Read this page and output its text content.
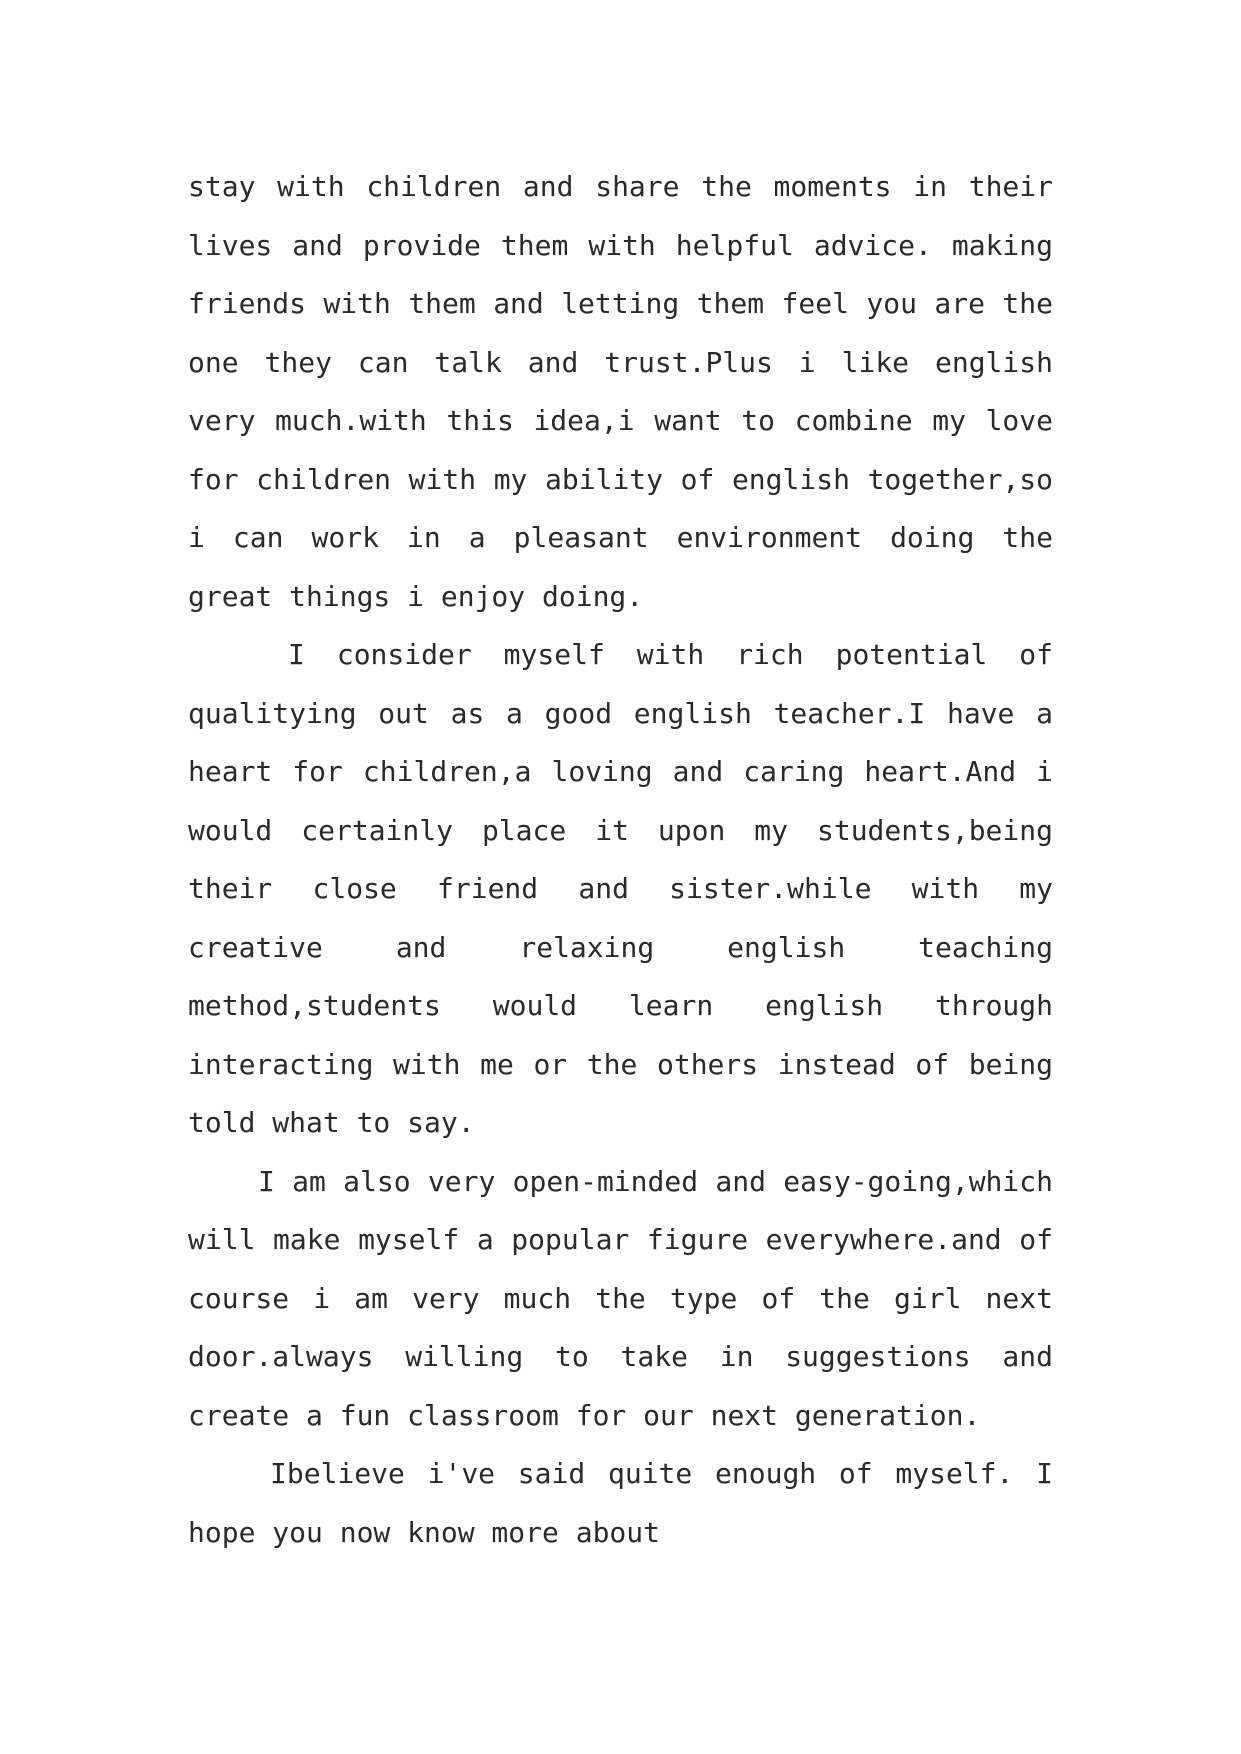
stay with children and share the moments in their
lives and provide them with helpful advice. making
friends with them and letting them feel you are the
one they can talk and trust.Plus i like english
very much.with this idea,i want to combine my love
for children with my ability of english together,so
i can work in a pleasant environment doing the
great things i enjoy doing.
I consider myself with rich potential of
qualitying out as a good english teacher.I have a
heart for children,a loving and caring heart.And i
would certainly place it upon my students,being
their close friend and sister.while with my
creative and relaxing english teaching
method,students would learn english through
interacting with me or the others instead of being
told what to say.
I am also very open-minded and easy-going,which
will make myself a popular figure everywhere.and of
course i am very much the type of the girl next
door.always willing to take in suggestions and
create a fun classroom for our next generation.
Ibelieve i've said quite enough of myself. I
hope you now know more about
